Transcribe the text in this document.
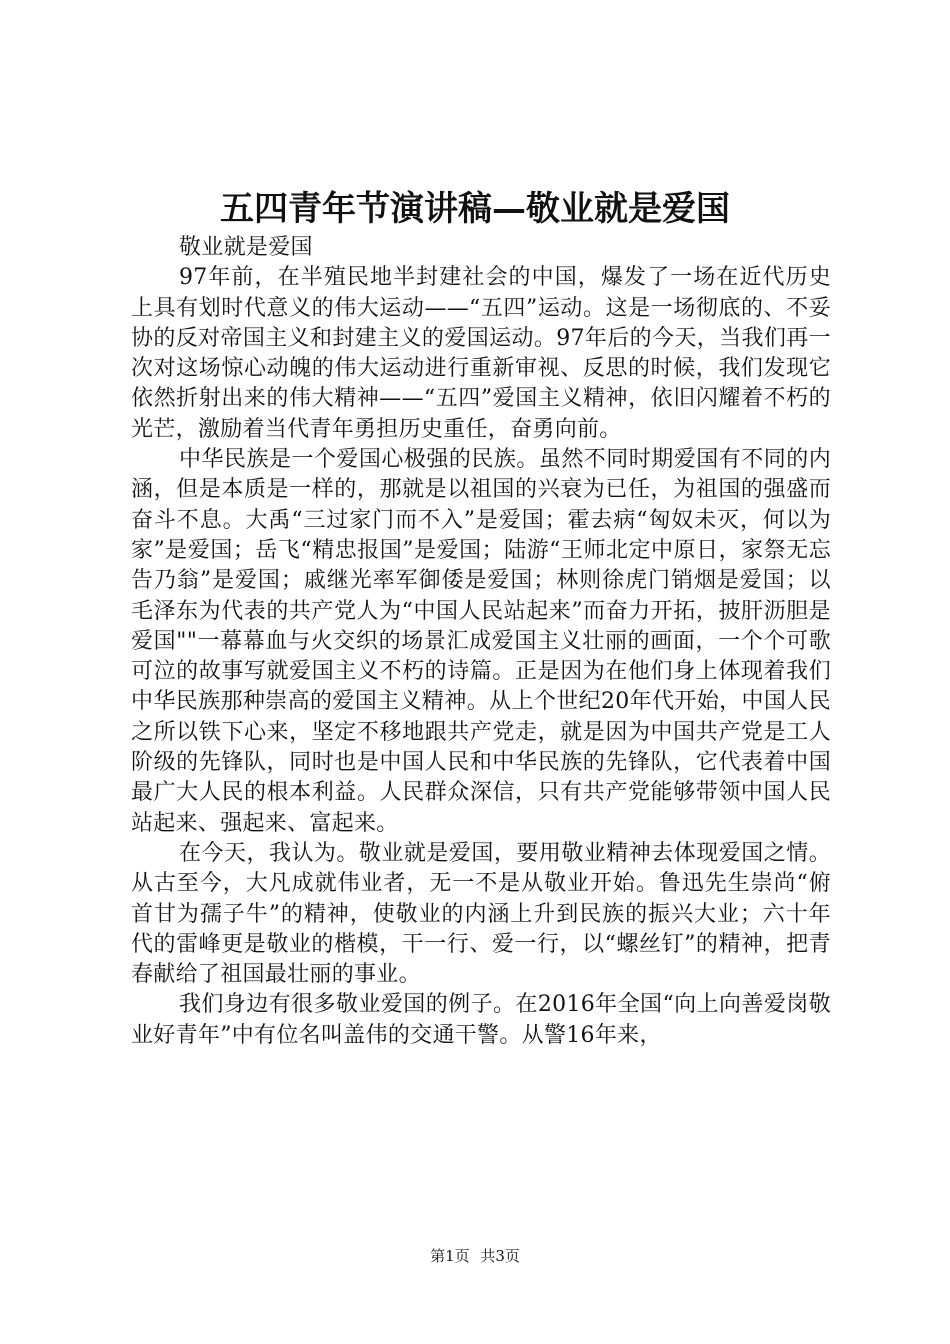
五四青年节演讲稿—敬业就是爱国

敬业就是爱国

97年前，在半殖民地半封建社会的中国，爆发了一场在近代历史上具有划时代意义的伟大运动——“五四”运动。这是一场彻底的、不妥协的反对帝国主义和封建主义的爱国运动。97年后的今天，当我们再一次对这场惊心动魄的伟大运动进行重新审视、反思的时候，我们发现它依然折射出来的伟大精神——“五四”爱国主义精神，依旧闪耀着不朽的光芒，激励着当代青年勇担历史重任，奋勇向前。

中华民族是一个爱国心极强的民族。虽然不同时期爱国有不同的内涵，但是本质是一样的，那就是以祖国的兴衰为已任，为祖国的强盛而奋斗不息。大禹“三过家门而不入”是爱国；霍去病“匈奴未灭，何以为家”是爱国；岳飞“精忠报国”是爱国；陆游“王师北定中原日，家祭无忘告乃翁”是爱国；戚继光率军御倭是爱国；林则徐虎门销烟是爱国；以毛泽东为代表的共产党人为“中国人民站起来”而奋力开拓，披肝沥胆是爱国""一幕幕血与火交织的场景汇成爱国主义壮丽的画面，一个个可歌可泣的故事写就爱国主义不朽的诗篇。正是因为在他们身上体现着我们中华民族那种崇高的爱国主义精神。从上个世纪20年代开始，中国人民之所以铁下心来，坚定不移地跟共产党走，就是因为中国共产党是工人阶级的先锋队，同时也是中国人民和中华民族的先锋队，它代表着中国最广大人民的根本利益。人民群众深信，只有共产党能够带领中国人民站起来、强起来、富起来。

在今天，我认为。敬业就是爱国，要用敬业精神去体现爱国之情。从古至今，大凡成就伟业者，无一不是从敬业开始。鲁迅先生崇尚“俯首甘为孺子牛”的精神，使敬业的内涵上升到民族的振兴大业；六十年代的雷峰更是敬业的楷模，干一行、爱一行，以“螺丝钉”的精神，把青春献给了祖国最壮丽的事业。

我们身边有很多敬业爱国的例子。在2016年全国“向上向善爱岗敬业好青年”中有位名叫盖伟的交通干警。从警16年来，

第1页 共3页
